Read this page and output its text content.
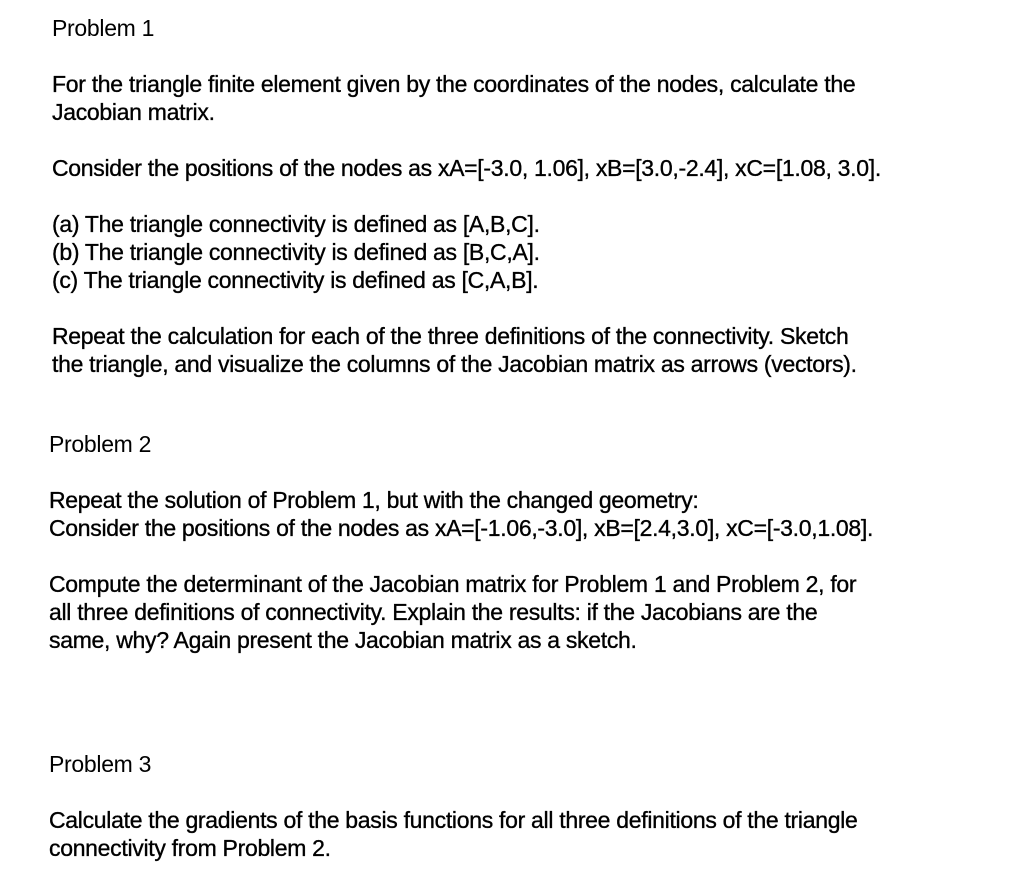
Problem 1
For the triangle finite element given by the coordinates of the nodes, calculate the
Jacobian matrix.
Consider the positions of the nodes as xA=[-3.0, 1.06], xB=[3.0,-2.4], xC=[1.08, 3.0].
(a) The triangle connectivity is defined as [A,B,C].
(b) The triangle connectivity is defined as [B,C,A].
(c) The triangle connectivity is defined as [C,A,B].
Repeat the calculation for each of the three definitions of the connectivity. Sketch
the triangle, and visualize the columns of the Jacobian matrix as arrows (vectors).
Problem 2
Repeat the solution of Problem 1, but with the changed geometry:
Consider the positions of the nodes as xA=[-1.06,-3.0], xB=[2.4,3.0], xC=[-3.0,1.08].
Compute the determinant of the Jacobian matrix for Problem 1 and Problem 2, for
all three definitions of connectivity. Explain the results: if the Jacobians are the
same, why? Again present the Jacobian matrix as a sketch.
Problem 3
Calculate the gradients of the basis functions for all three definitions of the triangle
connectivity from Problem 2.
